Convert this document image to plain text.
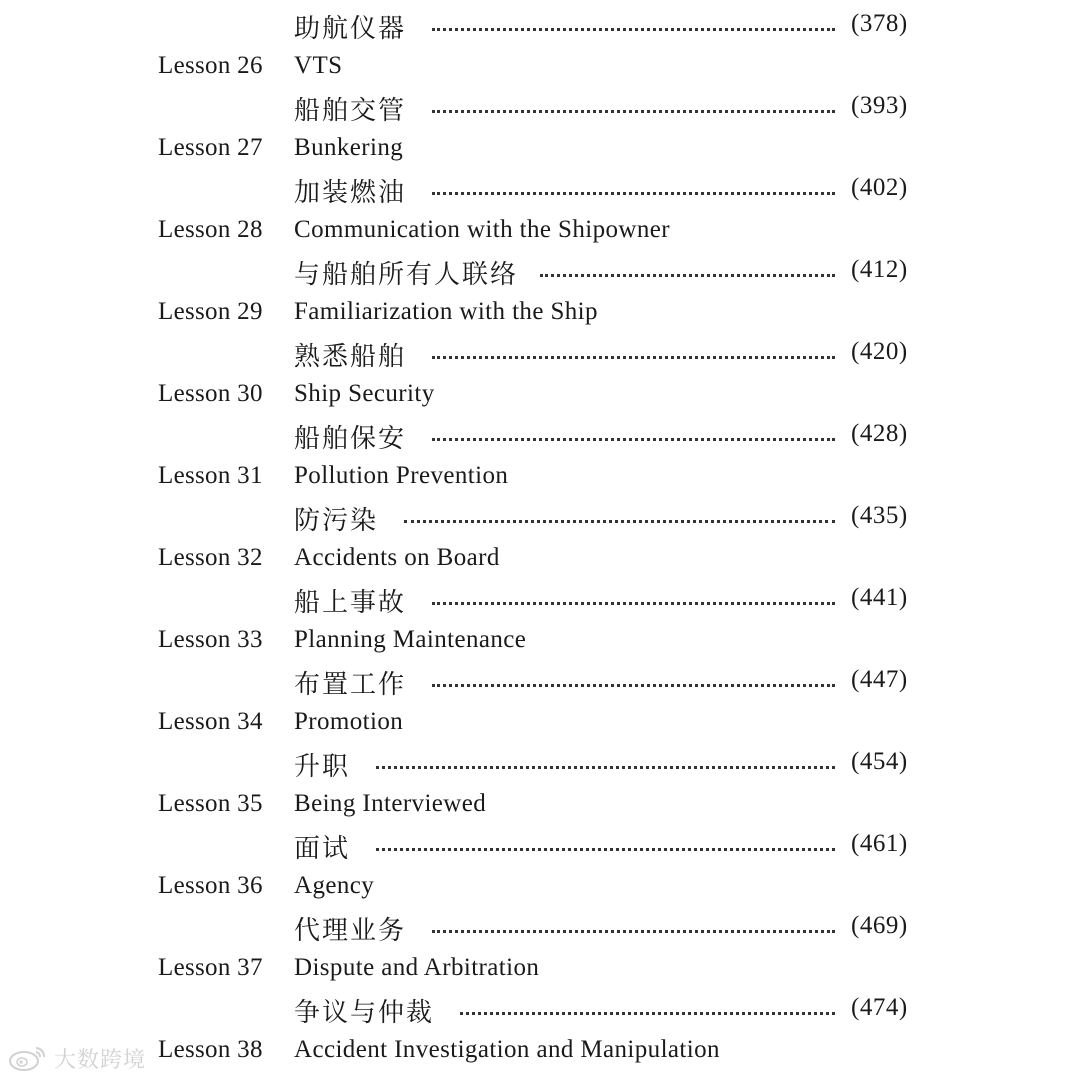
助航仪器	(378)
Lesson 26 VTS
船舶交管	(393)
Lesson 27 Bunkering
加装燃油	(402)
Lesson 28 Communication with the Shipowner
与船舶所有人联络	(412)
Lesson 29 Familiarization with the Ship
熟悉船舶	(420)
Lesson 30 Ship Security
船舶保安	(428)
Lesson 31 Pollution Prevention
防污染	(435)
Lesson 32 Accidents on Board
船上事故	(441)
Lesson 33 Planning Maintenance
布置工作	(447)
Lesson 34 Promotion
升职	(454)
Lesson 35 Being Interviewed
面试	(461)
Lesson 36 Agency
代理业务	(469)
Lesson 37 Dispute and Arbitration
争议与仲裁	(474)
Lesson 38 Accident Investigation and Manipulation
大数跨境
